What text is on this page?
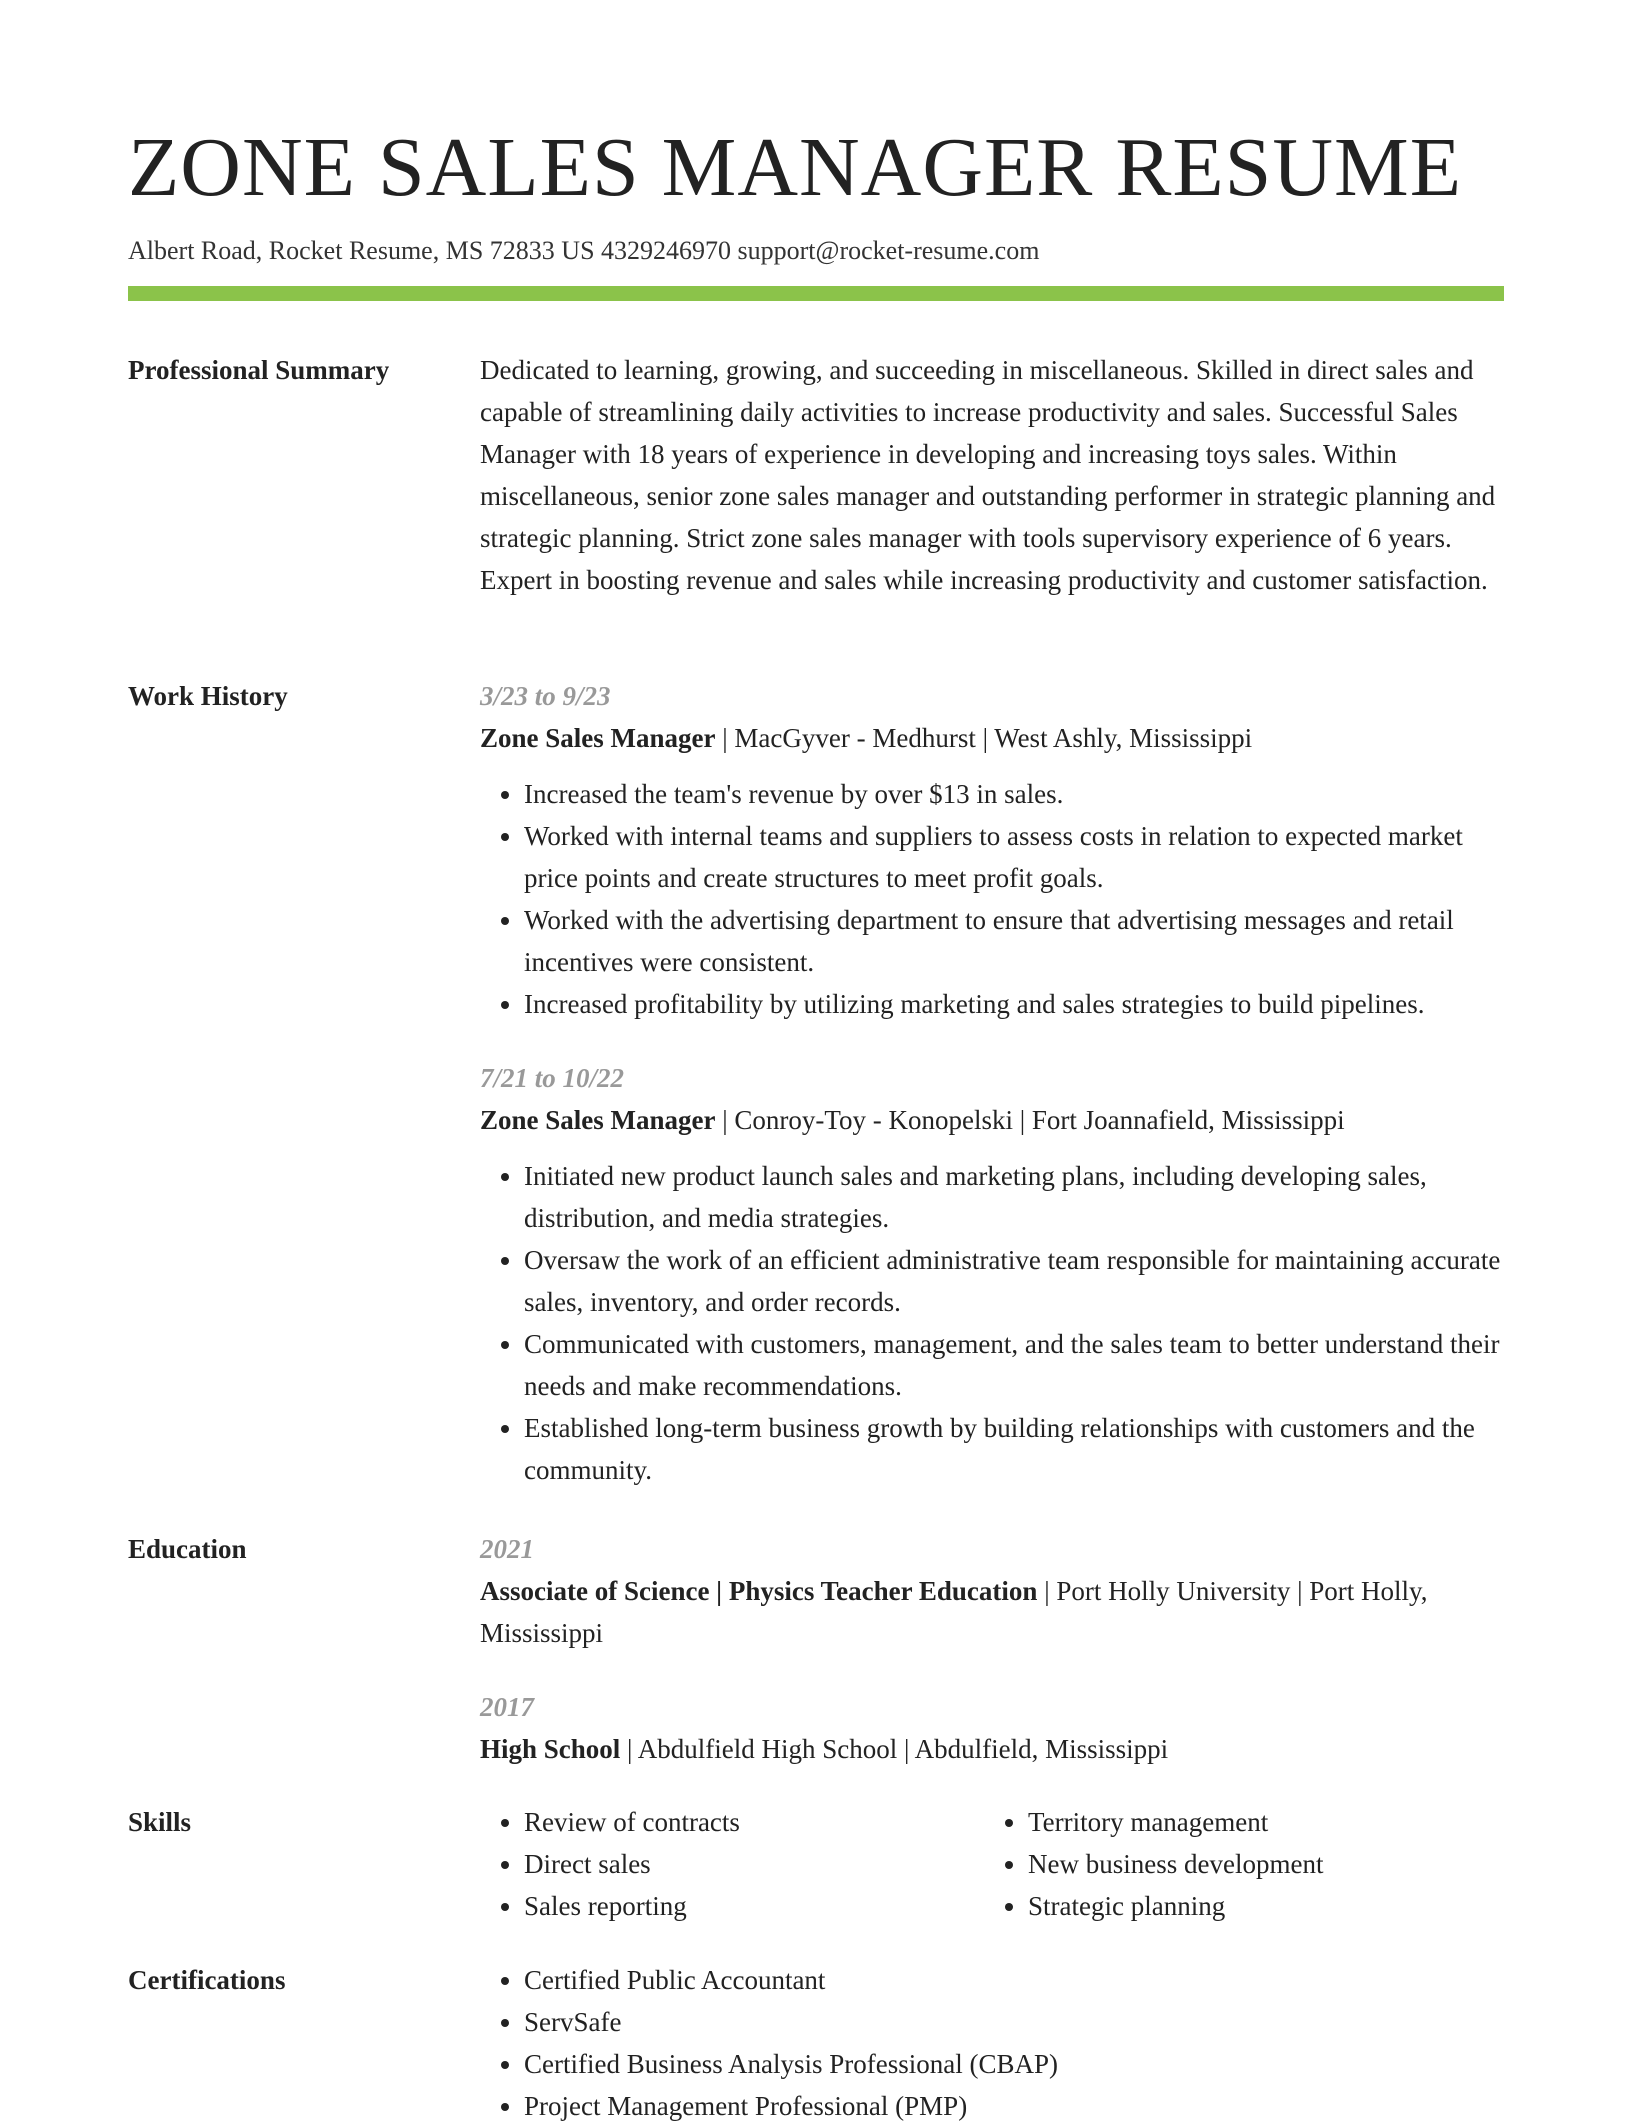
ZONE SALES MANAGER RESUME
Albert Road, Rocket Resume, MS 72833 US 4329246970 support@rocket-resume.com
Professional Summary	Dedicated to learning, growing, and succeeding in miscellaneous. Skilled in direct sales and capable of streamlining daily activities to increase productivity and sales. Successful Sales Manager with 18 years of experience in developing and increasing toys sales. Within miscellaneous, senior zone sales manager and outstanding performer in strategic planning and strategic planning. Strict zone sales manager with tools supervisory experience of 6 years. Expert in boosting revenue and sales while increasing productivity and customer satisfaction.
Work History	3/23 to 9/23
Zone Sales Manager | MacGyver - Medhurst | West Ashly, Mississippi
• Increased the team's revenue by over $13 in sales.
• Worked with internal teams and suppliers to assess costs in relation to expected market price points and create structures to meet profit goals.
• Worked with the advertising department to ensure that advertising messages and retail incentives were consistent.
• Increased profitability by utilizing marketing and sales strategies to build pipelines.
7/21 to 10/22
Zone Sales Manager | Conroy-Toy - Konopelski | Fort Joannafield, Mississippi
• Initiated new product launch sales and marketing plans, including developing sales, distribution, and media strategies.
• Oversaw the work of an efficient administrative team responsible for maintaining accurate sales, inventory, and order records.
• Communicated with customers, management, and the sales team to better understand their needs and make recommendations.
• Established long-term business growth by building relationships with customers and the community.
Education	2021
Associate of Science | Physics Teacher Education | Port Holly University | Port Holly, Mississippi
2017
High School | Abdulfield High School | Abdulfield, Mississippi
Skills	• Review of contracts
• Direct sales
• Sales reporting
• Territory management
• New business development
• Strategic planning
Certifications	• Certified Public Accountant
• ServSafe
• Certified Business Analysis Professional (CBAP)
• Project Management Professional (PMP)
